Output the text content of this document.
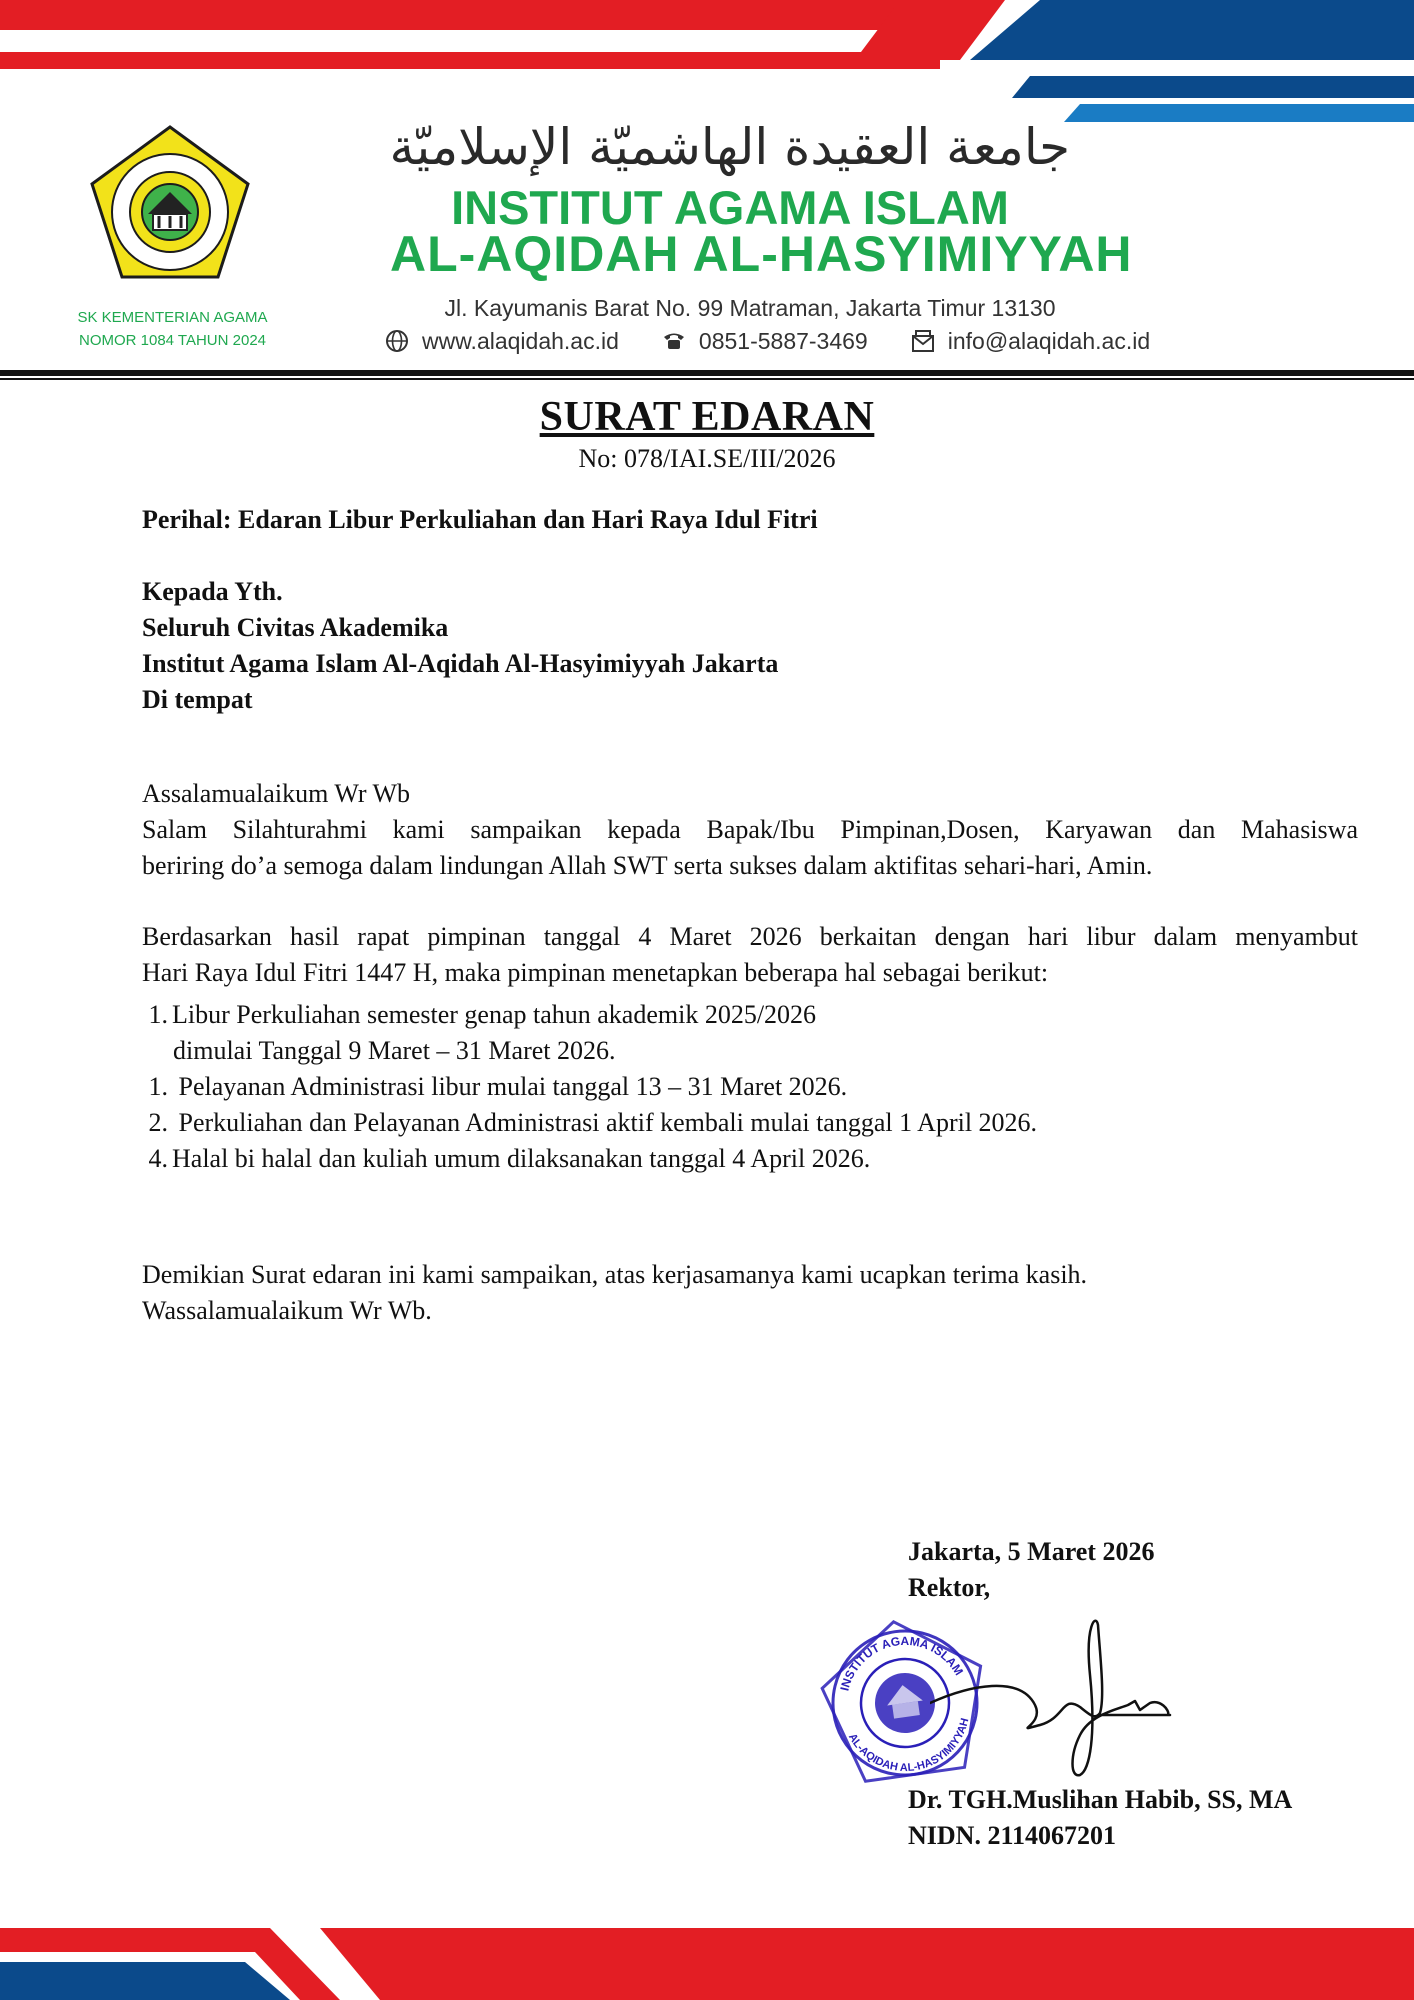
SK KEMENTERIAN AGAMA
NOMOR 1084 TAHUN 2024
جامعة العقيدة الهاشميّة الإسلاميّة
INSTITUT AGAMA ISLAM
AL-AQIDAH AL-HASYIMIYYAH
Jl. Kayumanis Barat No. 99 Matraman, Jakarta Timur 13130
www.alaqidah.ac.id	0851-5887-3469	info@alaqidah.ac.id
SURAT EDARAN
No: 078/IAI.SE/III/2026
Perihal: Edaran Libur Perkuliahan dan Hari Raya Idul Fitri
Kepada Yth.
Seluruh Civitas Akademika
Institut Agama Islam Al-Aqidah Al-Hasyimiyyah Jakarta
Di tempat
Assalamualaikum Wr Wb
Salam Silahturahmi kami sampaikan kepada Bapak/Ibu Pimpinan,Dosen, Karyawan dan Mahasiswa
beriring do’a semoga dalam lindungan Allah SWT serta sukses dalam aktifitas sehari-hari, Amin.
Berdasarkan hasil rapat pimpinan tanggal 4 Maret 2026 berkaitan dengan hari libur dalam menyambut
Hari Raya Idul Fitri 1447 H, maka pimpinan menetapkan beberapa hal sebagai berikut:
1. Libur Perkuliahan semester genap tahun akademik 2025/2026
dimulai Tanggal 9 Maret – 31 Maret 2026.
1. Pelayanan Administrasi libur mulai tanggal 13 – 31 Maret 2026.
2. Perkuliahan dan Pelayanan Administrasi aktif kembali mulai tanggal 1 April 2026.
4. Halal bi halal dan kuliah umum dilaksanakan tanggal 4 April 2026.
Demikian Surat edaran ini kami sampaikan, atas kerjasamanya kami ucapkan terima kasih.
Wassalamualaikum Wr Wb.
Jakarta, 5 Maret 2026
Rektor,
INSTITUT AGAMA ISLAM
AL-AQIDAH AL-HASYIMIYYAH
Dr. TGH.Muslihan Habib, SS, MA
NIDN. 2114067201
